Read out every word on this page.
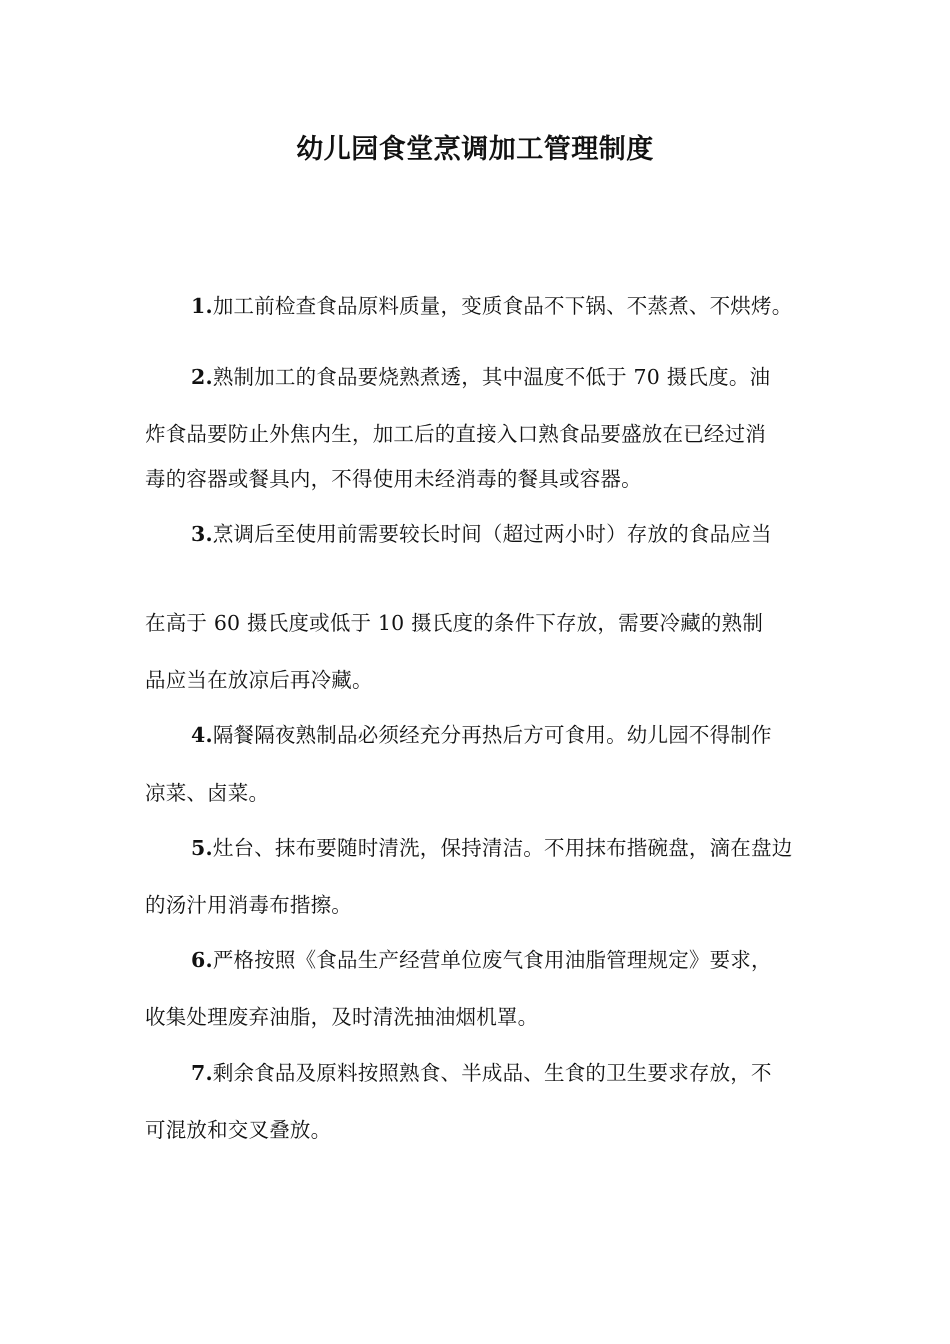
幼儿园食堂烹调加工管理制度
1.加工前检查食品原料质量，变质食品不下锅、不蒸煮、不烘烤。
2.熟制加工的食品要烧熟煮透，其中温度不低于 70 摄氏度。油
炸食品要防止外焦内生，加工后的直接入口熟食品要盛放在已经过消
毒的容器或餐具内，不得使用未经消毒的餐具或容器。
3.烹调后至使用前需要较长时间（超过两小时）存放的食品应当
在高于 60 摄氏度或低于 10 摄氏度的条件下存放，需要冷藏的熟制
品应当在放凉后再冷藏。
4.隔餐隔夜熟制品必须经充分再热后方可食用。幼儿园不得制作
凉菜、卤菜。
5.灶台、抹布要随时清洗，保持清洁。不用抹布揩碗盘，滴在盘边
的汤汁用消毒布揩擦。
6.严格按照《食品生产经营单位废气食用油脂管理规定》要求，
收集处理废弃油脂，及时清洗抽油烟机罩。
7.剩余食品及原料按照熟食、半成品、生食的卫生要求存放，不
可混放和交叉叠放。
